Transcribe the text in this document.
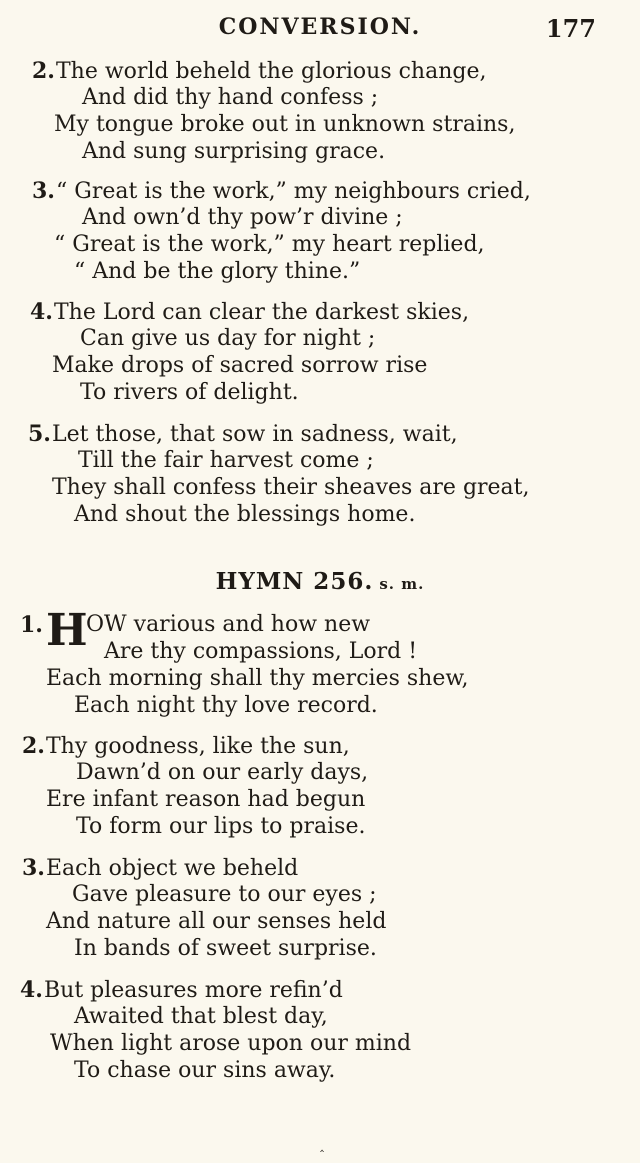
CONVERSION.	177
2.The world beheld the glorious change,
And did thy hand confess ;
My tongue broke out in unknown strains,
And sung surprising grace.
3.“ Great is the work,” my neighbours cried,
And own’d thy pow’r divine ;
“ Great is the work,” my heart replied,
“ And be the glory thine.”
4.The Lord can clear the darkest skies,
Can give us day for night ;
Make drops of sacred sorrow rise
To rivers of delight.
5.Let those, that sow in sadness, wait,
Till the fair harvest come ;
They shall confess their sheaves are great,
And shout the blessings home.
HYMN 256. s. m.
1. H
OW various and how new
Are thy compassions, Lord !
Each morning shall thy mercies shew,
Each night thy love record.
2.Thy goodness, like the sun,
Dawn’d on our early days,
Ere infant reason had begun
To form our lips to praise.
3.Each object we beheld
Gave pleasure to our eyes ;
And nature all our senses held
In bands of sweet surprise.
4.But pleasures more refin’d
Awaited that blest day,
When light arose upon our mind
To chase our sins away.
‸
